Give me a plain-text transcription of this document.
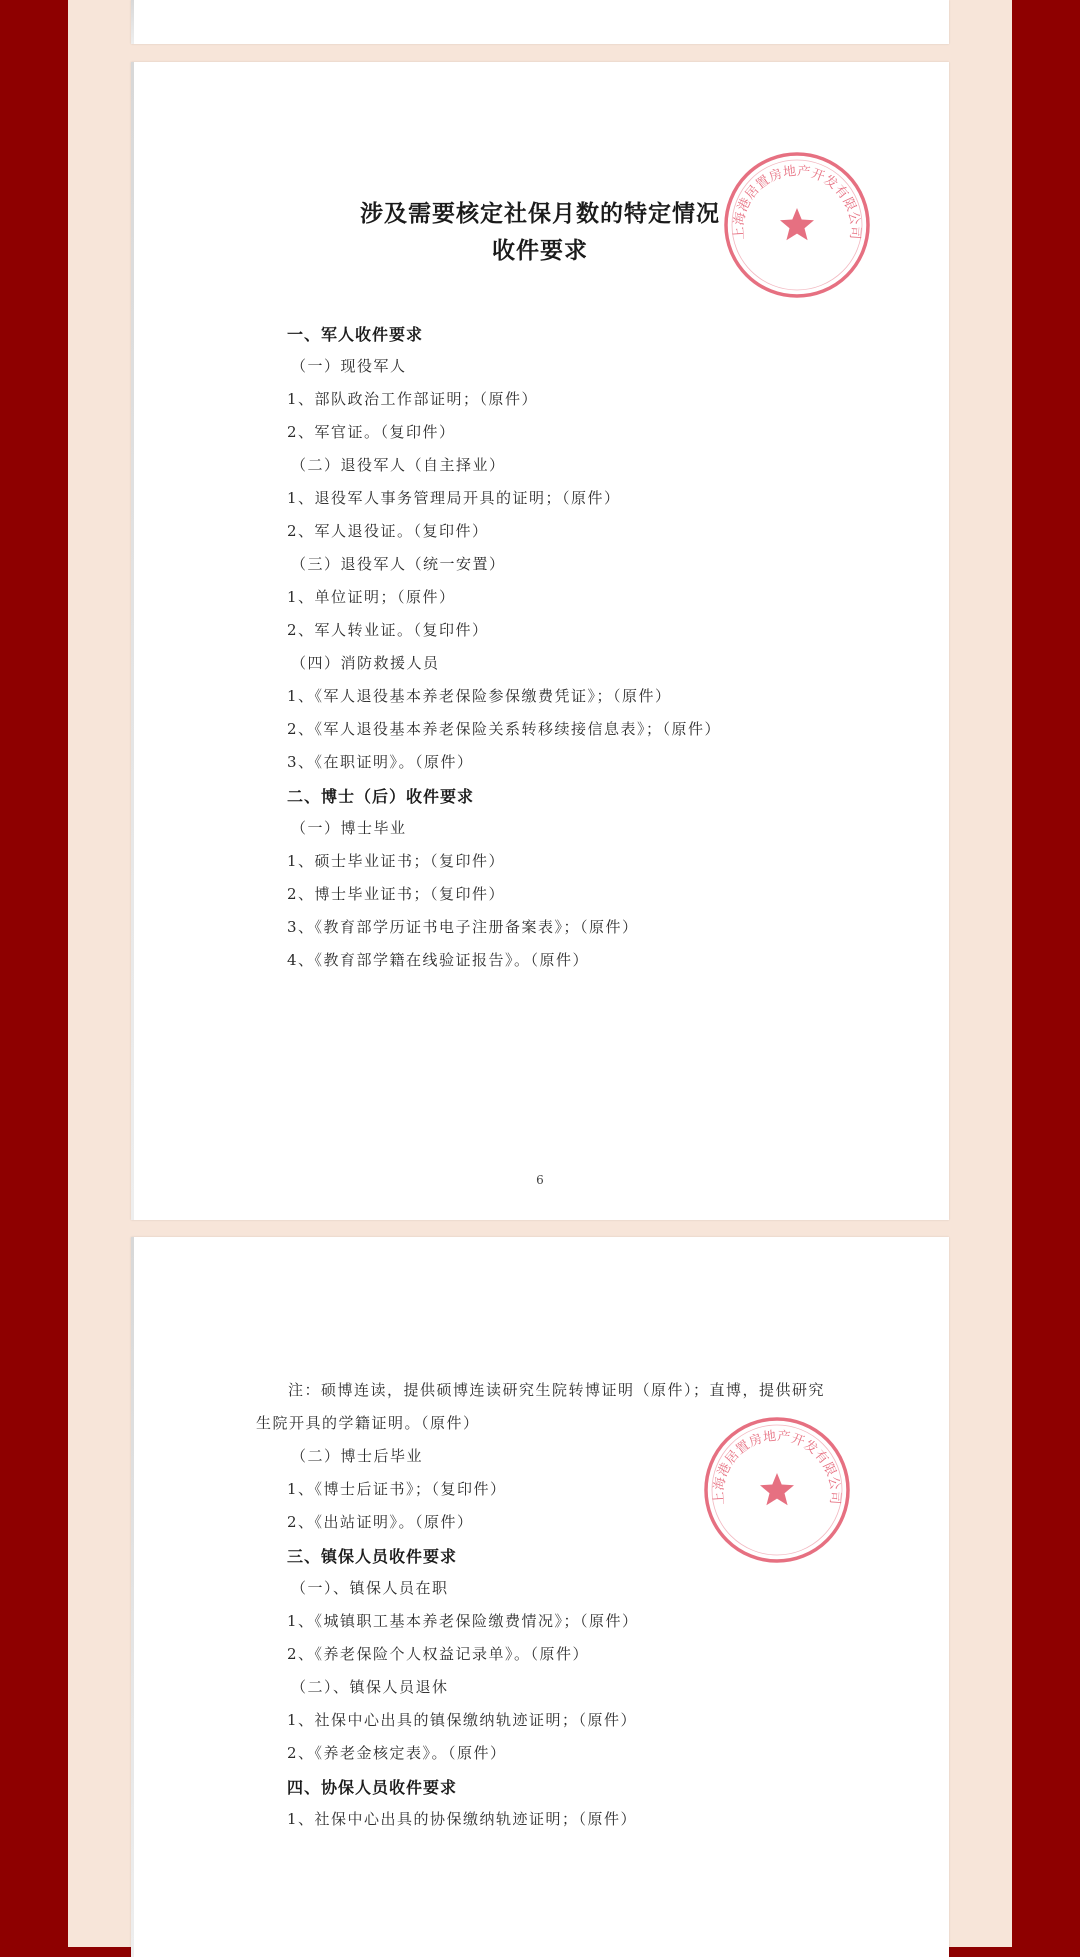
涉及需要核定社保月数的特定情况

收件要求

一、军人收件要求

（一）现役军人

1、部队政治工作部证明；（原件）

2、军官证。（复印件）

（二）退役军人（自主择业）

1、退役军人事务管理局开具的证明；（原件）

2、军人退役证。（复印件）

（三）退役军人（统一安置）

1、单位证明；（原件）

2、军人转业证。（复印件）

（四）消防救援人员

1、《军人退役基本养老保险参保缴费凭证》；（原件）

2、《军人退役基本养老保险关系转移续接信息表》；（原件）

3、《在职证明》。（原件）

二、博士（后）收件要求

（一）博士毕业

1、硕士毕业证书；（复印件）

2、博士毕业证书；（复印件）

3、《教育部学历证书电子注册备案表》；（原件）

4、《教育部学籍在线验证报告》。（原件）

6

上海港居置房地产开发有限公司

注：硕博连读，提供硕博连读研究生院转博证明（原件）；直博，提供研究

生院开具的学籍证明。（原件）

（二）博士后毕业

1、《博士后证书》；（复印件）

2、《出站证明》。（原件）

三、镇保人员收件要求

（一）、镇保人员在职

1、《城镇职工基本养老保险缴费情况》；（原件）

2、《养老保险个人权益记录单》。（原件）

（二）、镇保人员退休

1、社保中心出具的镇保缴纳轨迹证明；（原件）

2、《养老金核定表》。（原件）

四、协保人员收件要求

1、社保中心出具的协保缴纳轨迹证明；（原件）

上海港居置房地产开发有限公司
